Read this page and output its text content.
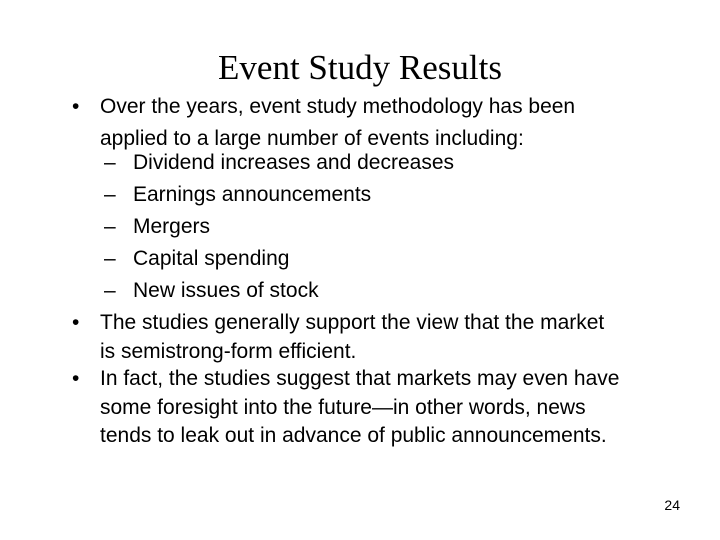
Event Study Results
• Over the years, event study methodology has been
applied to a large number of events including:
– Dividend increases and decreases
– Earnings announcements
– Mergers
– Capital spending
– New issues of stock
• The studies generally support the view that the market
is semistrong-form efficient.
• In fact, the studies suggest that markets may even have
some foresight into the future—in other words, news
tends to leak out in advance of public announcements.
24
